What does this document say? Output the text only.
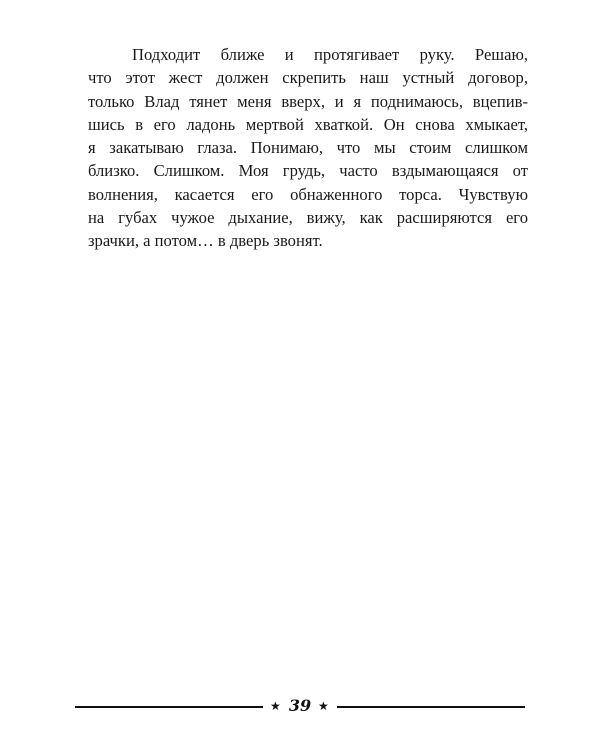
Подходит ближе и протягивает руку. Решаю,
что этот жест должен скрепить наш устный договор,
только Влад тянет меня вверх, и я поднимаюсь, вцепив-
шись в его ладонь мертвой хваткой. Он снова хмыкает,
я закатываю глаза. Понимаю, что мы стоим слишком
близко. Слишком. Моя грудь, часто вздымающаяся от
волнения, касается его обнаженного торса. Чувствую
на губах чужое дыхание, вижу, как расширяются его
зрачки, а потом… в дверь звонят.
★ 39 ★
